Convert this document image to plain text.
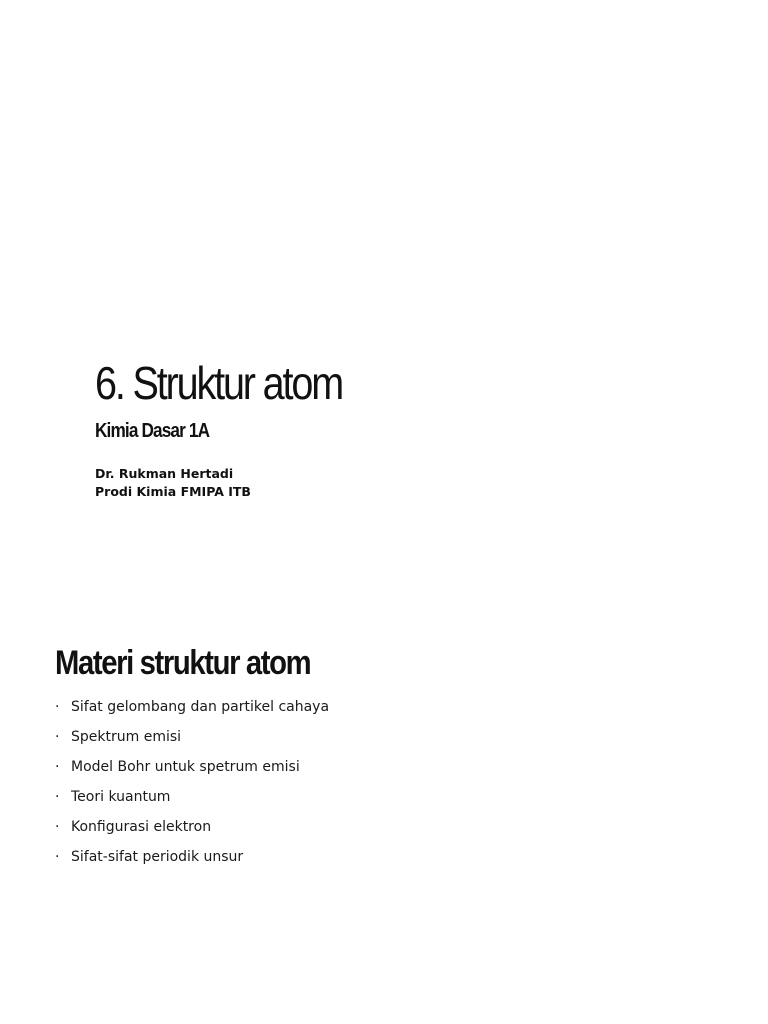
6. Struktur atom
Kimia Dasar 1A
Dr. Rukman Hertadi
Prodi Kimia FMIPA ITB
Materi struktur atom
· Sifat gelombang dan partikel cahaya
· Spektrum emisi
· Model Bohr untuk spetrum emisi
· Teori kuantum
· Konfigurasi elektron
· Sifat-sifat periodik unsur
